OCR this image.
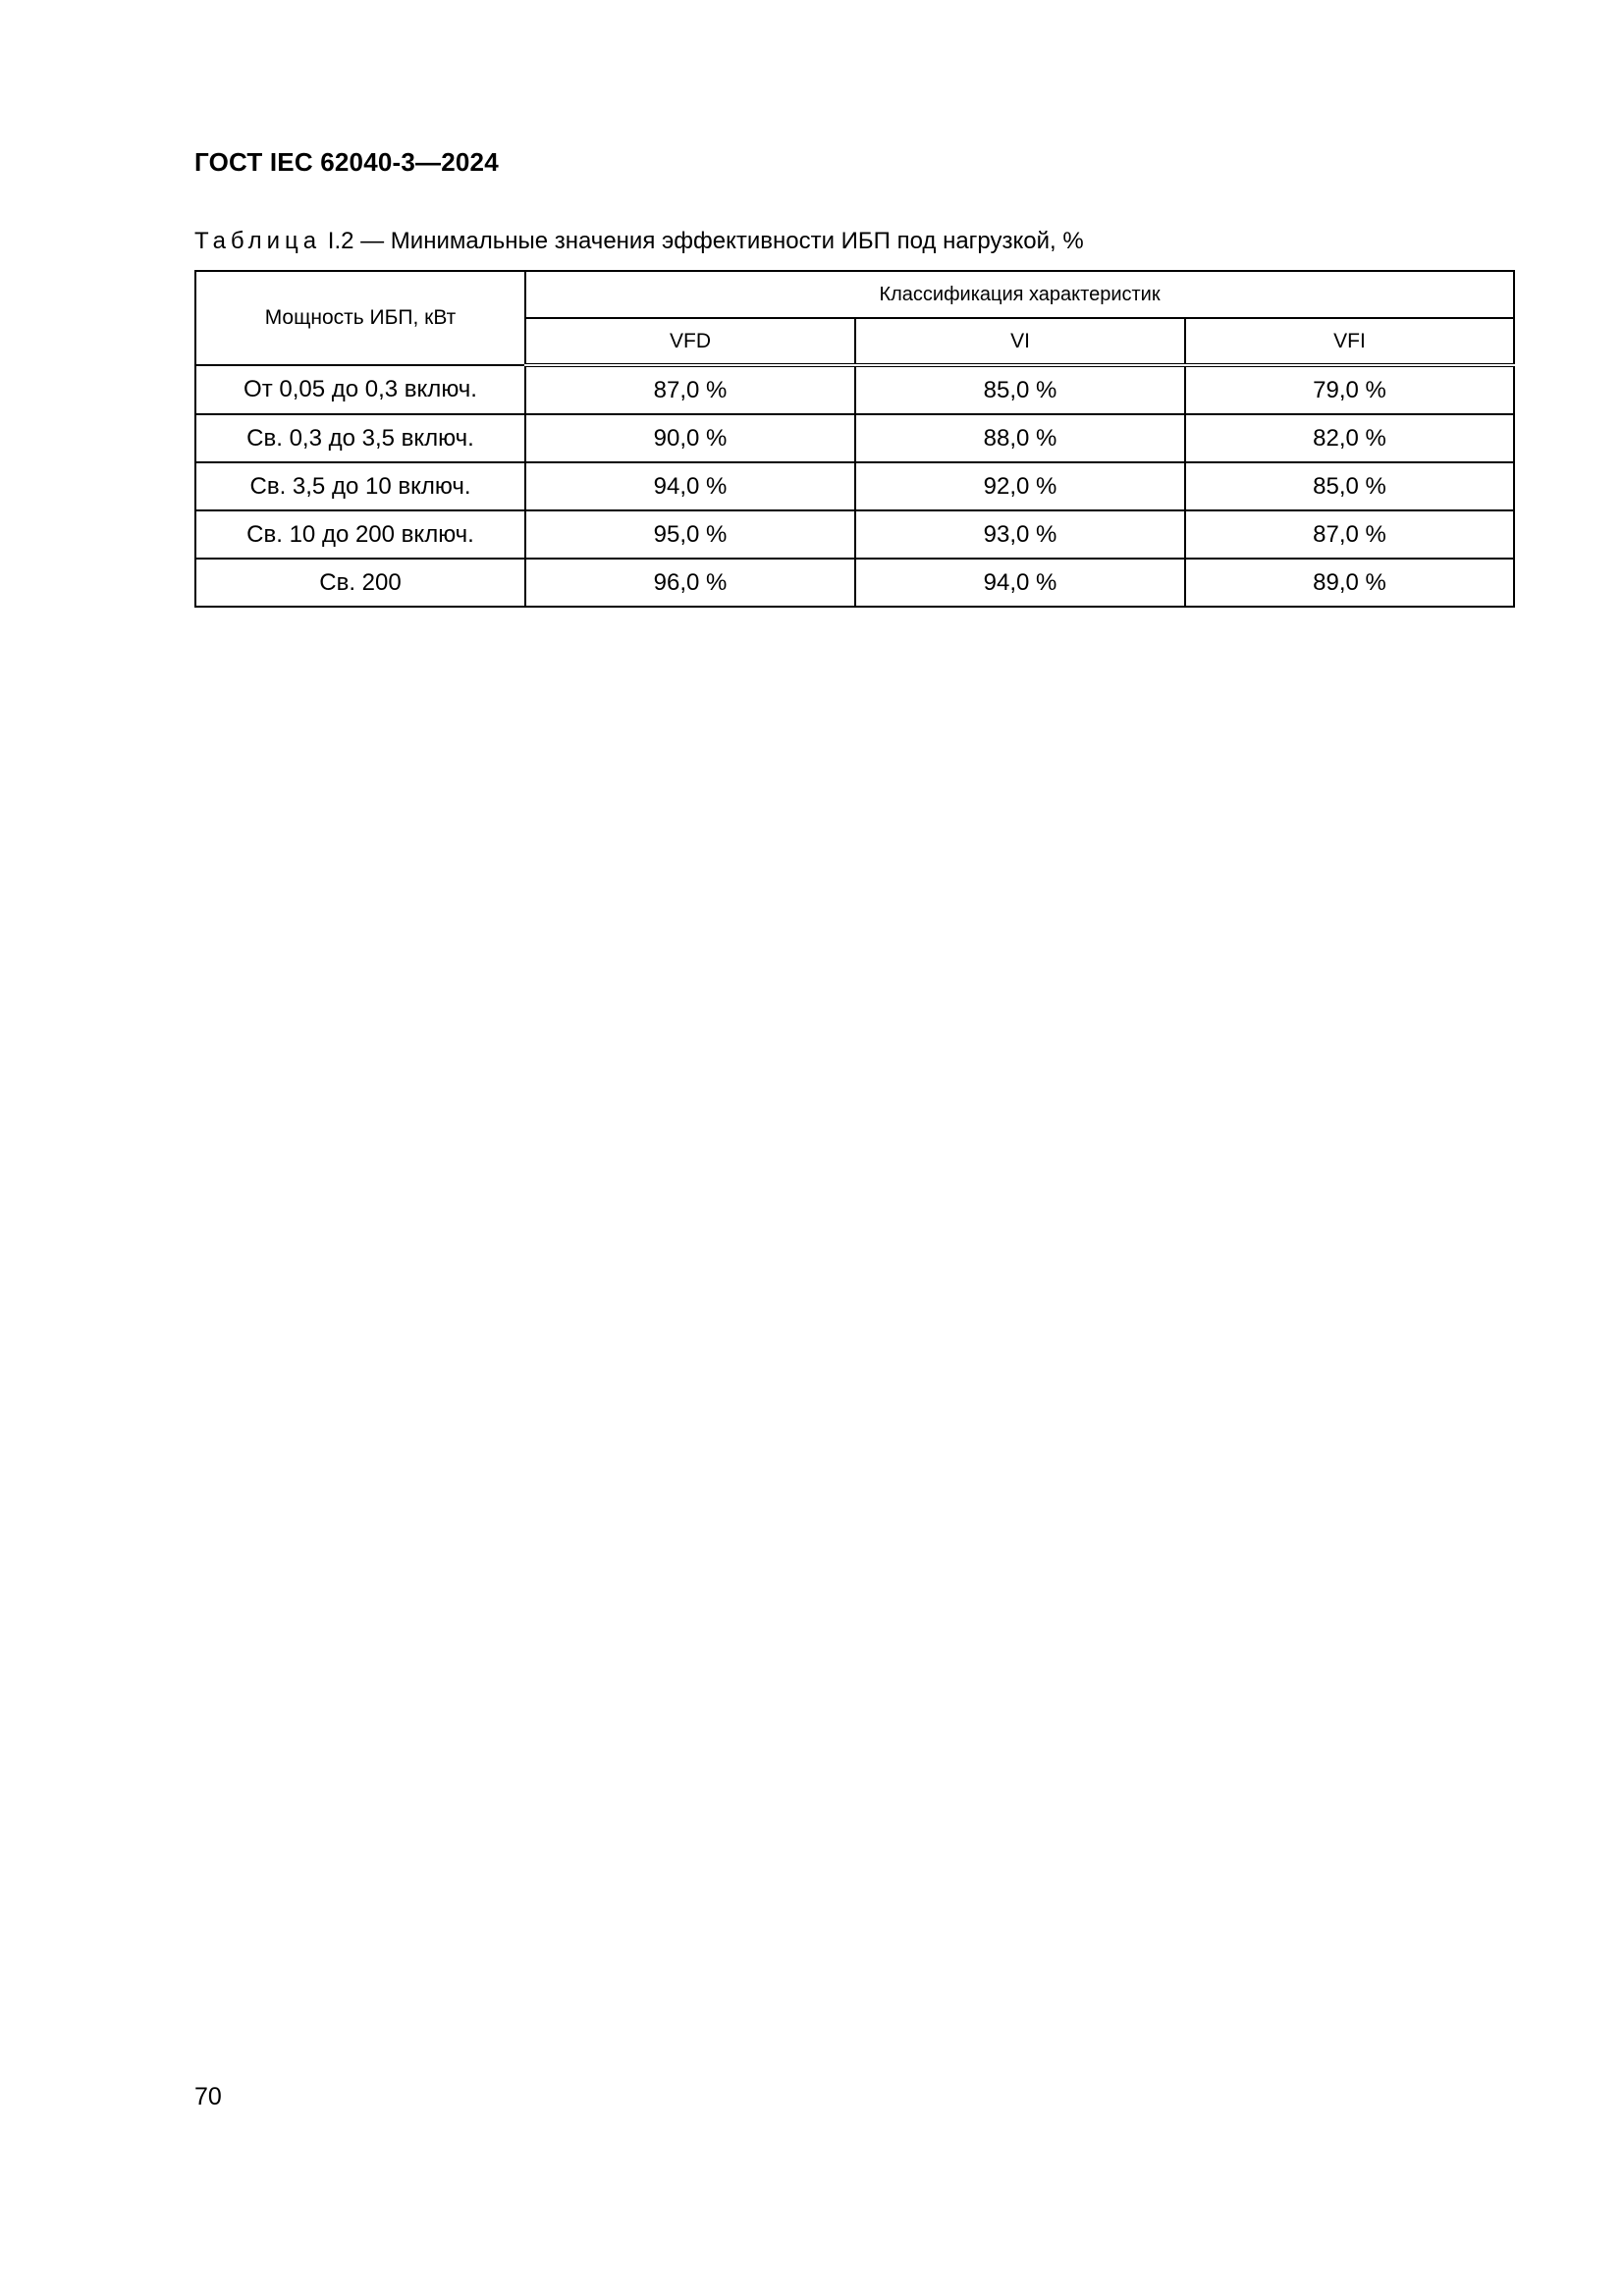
ГОСТ IEC 62040-3—2024
Таблица I.2 — Минимальные значения эффективности ИБП под нагрузкой, %
Мощность ИБП, кВт	Классификация характеристик		
	VFD	VI	VFI
От 0,05 до 0,3 включ.	87,0 %	85,0 %	79,0 %
Св. 0,3 до 3,5 включ.	90,0 %	88,0 %	82,0 %
Св. 3,5 до 10 включ.	94,0 %	92,0 %	85,0 %
Св. 10 до 200 включ.	95,0 %	93,0 %	87,0 %
Св. 200	96,0 %	94,0 %	89,0 %
70
